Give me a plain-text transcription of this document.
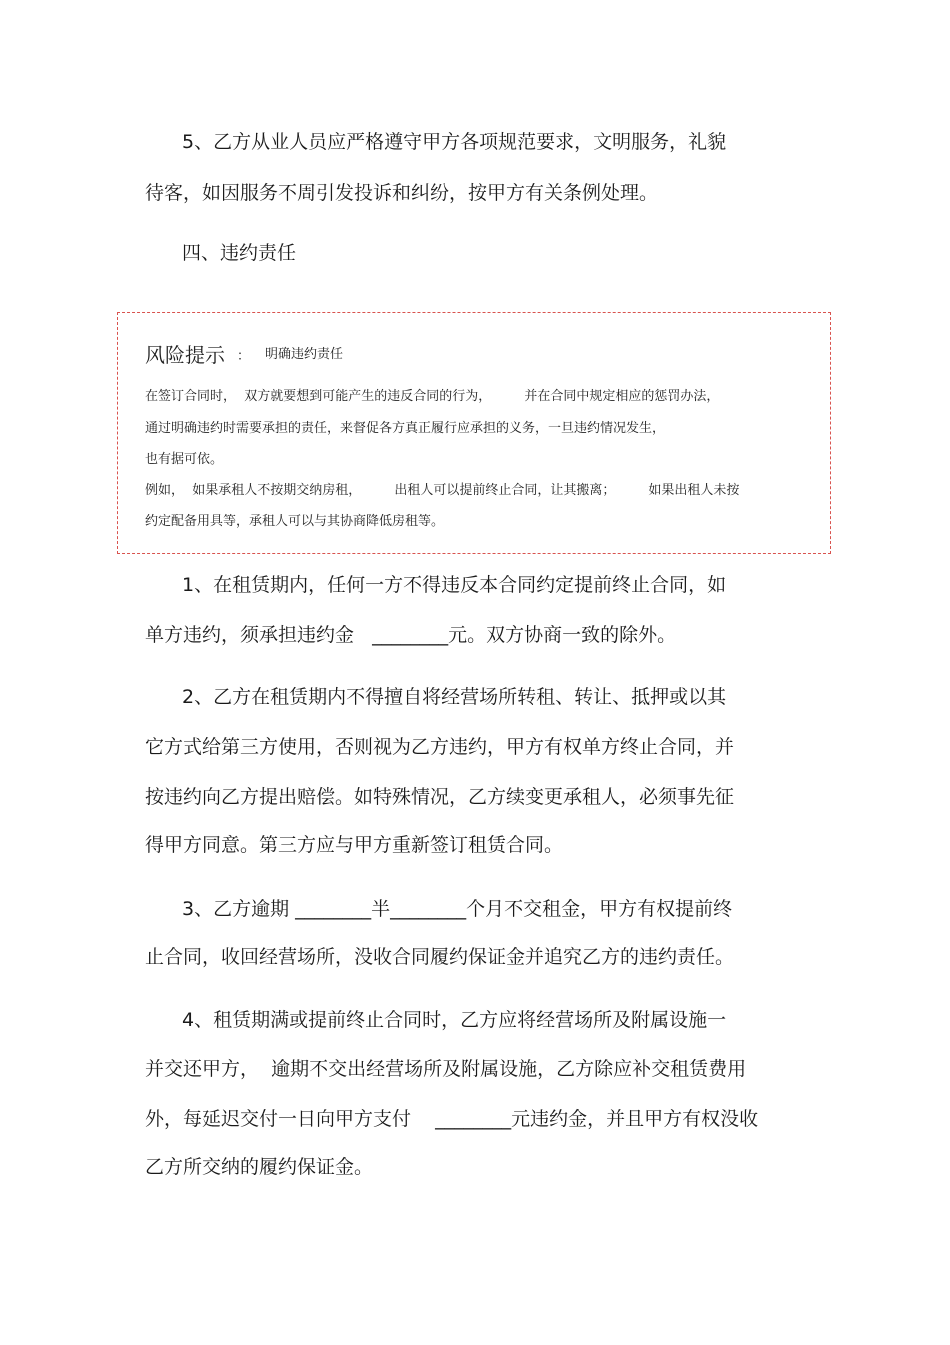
5、乙方从业人员应严格遵守甲方各项规范要求，文明服务，礼貌
待客，如因服务不周引发投诉和纠纷，按甲方有关条例处理。
四、违约责任
风险提示 ： 明确违约责任
在签订合同时，  双方就要想到可能产生的违反合同的行为，        并在合同中规定相应的惩罚办法，
通过明确违约时需要承担的责任，来督促各方真正履行应承担的义务，一旦违约情况发生，
也有据可依。
例如，  如果承租人不按期交纳房租，        出租人可以提前终止合同，让其搬离；        如果出租人未按
约定配备用具等，承租人可以与其协商降低房租等。
1、在租赁期内，任何一方不得违反本合同约定提前终止合同，如
单方违约，须承担违约金   ________元。双方协商一致的除外。
2、乙方在租赁期内不得擅自将经营场所转租、转让、抵押或以其
它方式给第三方使用，否则视为乙方违约，甲方有权单方终止合同，并
按违约向乙方提出赔偿。如特殊情况，乙方续变更承租人，必须事先征
得甲方同意。第三方应与甲方重新签订租赁合同。
3、乙方逾期 ________半________个月不交租金，甲方有权提前终
止合同，收回经营场所，没收合同履约保证金并追究乙方的违约责任。
4、租赁期满或提前终止合同时，乙方应将经营场所及附属设施一
并交还甲方，  逾期不交出经营场所及附属设施，乙方除应补交租赁费用
外，每延迟交付一日向甲方支付    ________元违约金，并且甲方有权没收
乙方所交纳的履约保证金。
